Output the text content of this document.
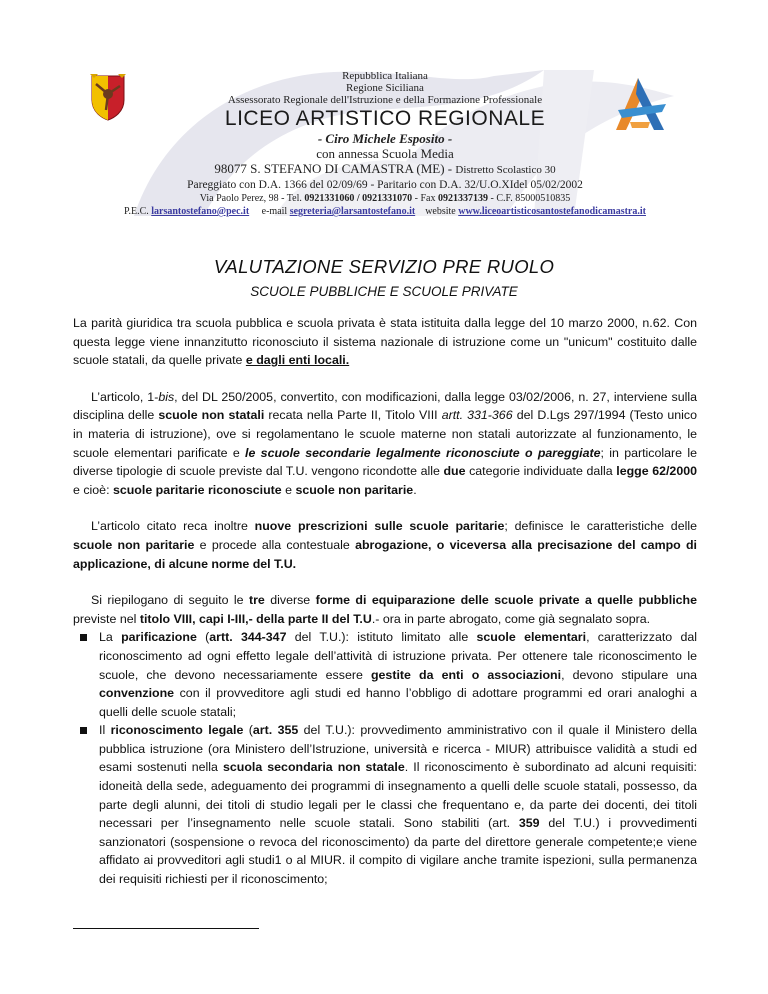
Repubblica Italiana
Regione Siciliana
Assessorato Regionale dell'Istruzione e della Formazione Professionale
LICEO ARTISTICO REGIONALE
- Ciro Michele Esposito -
con annessa Scuola Media
98077 S. STEFANO DI CAMASTRA (ME) - Distretto Scolastico 30
Pareggiato con D.A. 1366 del 02/09/69 - Paritario con D.A. 32/U.O.XIdel 05/02/2002
Via Paolo Perez, 98 - Tel. 0921331060 / 0921331070 - Fax 0921337139 - C.F. 85000510835
P.E.C. larsantostefano@pec.it e-mail segreteria@larsantostefano.it website www.liceoartisticosantostefanodicamastra.it
VALUTAZIONE SERVIZIO PRE RUOLO
SCUOLE PUBBLICHE E SCUOLE PRIVATE

La parità giuridica tra scuola pubblica e scuola privata è stata istituita dalla legge del 10 marzo 2000, n.62. Con questa legge viene innanzitutto riconosciuto il sistema nazionale di istruzione come un "unicum" costituito dalle scuole statali, da quelle private e dagli enti locali.

L’articolo, 1-bis, del DL 250/2005, convertito, con modificazioni, dalla legge 03/02/2006, n. 27, interviene sulla disciplina delle scuole non statali recata nella Parte II, Titolo VIII artt. 331-366 del D.Lgs 297/1994 (Testo unico in materia di istruzione), ove si regolamentano le scuole materne non statali autorizzate al funzionamento, le scuole elementari parificate e le scuole secondarie legalmente riconosciute o pareggiate; in particolare le diverse tipologie di scuole previste dal T.U. vengono ricondotte alle due categorie individuate dalla legge 62/2000 e cioè: scuole paritarie riconosciute e scuole non paritarie.

L’articolo citato reca inoltre nuove prescrizioni sulle scuole paritarie; definisce le caratteristiche delle scuole non paritarie e procede alla contestuale abrogazione, o viceversa alla precisazione del campo di applicazione, di alcune norme del T.U.

Si riepilogano di seguito le tre diverse forme di equiparazione delle scuole private a quelle pubbliche previste nel titolo VIII, capi I-III,- della parte II del T.U.- ora in parte abrogato, come già segnalato sopra.

La parificazione (artt. 344-347 del T.U.): istituto limitato alle scuole elementari, caratterizzato dal riconoscimento ad ogni effetto legale dell’attività di istruzione privata. Per ottenere tale riconoscimento le scuole, che devono necessariamente essere gestite da enti o associazioni, devono stipulare una convenzione con il provveditore agli studi ed hanno l’obbligo di adottare programmi ed orari analoghi a quelli delle scuole statali;
Il riconoscimento legale (art. 355 del T.U.): provvedimento amministrativo con il quale il Ministero della pubblica istruzione (ora Ministero dell’Istruzione, università e ricerca - MIUR) attribuisce validità a studi ed esami sostenuti nella scuola secondaria non statale. Il riconoscimento è subordinato ad alcuni requisiti: idoneità della sede, adeguamento dei programmi di insegnamento a quelli delle scuole statali, possesso, da parte degli alunni, dei titoli di studio legali per le classi che frequentano e, da parte dei docenti, dei titoli necessari per l’insegnamento nelle scuole statali. Sono stabiliti (art. 359 del T.U.) i provvedimenti sanzionatori (sospensione o revoca del riconoscimento) da parte del direttore generale competente;e viene affidato ai provveditori agli studi1 o al MIUR. il compito di vigilare anche tramite ispezioni, sulla permanenza dei requisiti richiesti per il riconoscimento;
